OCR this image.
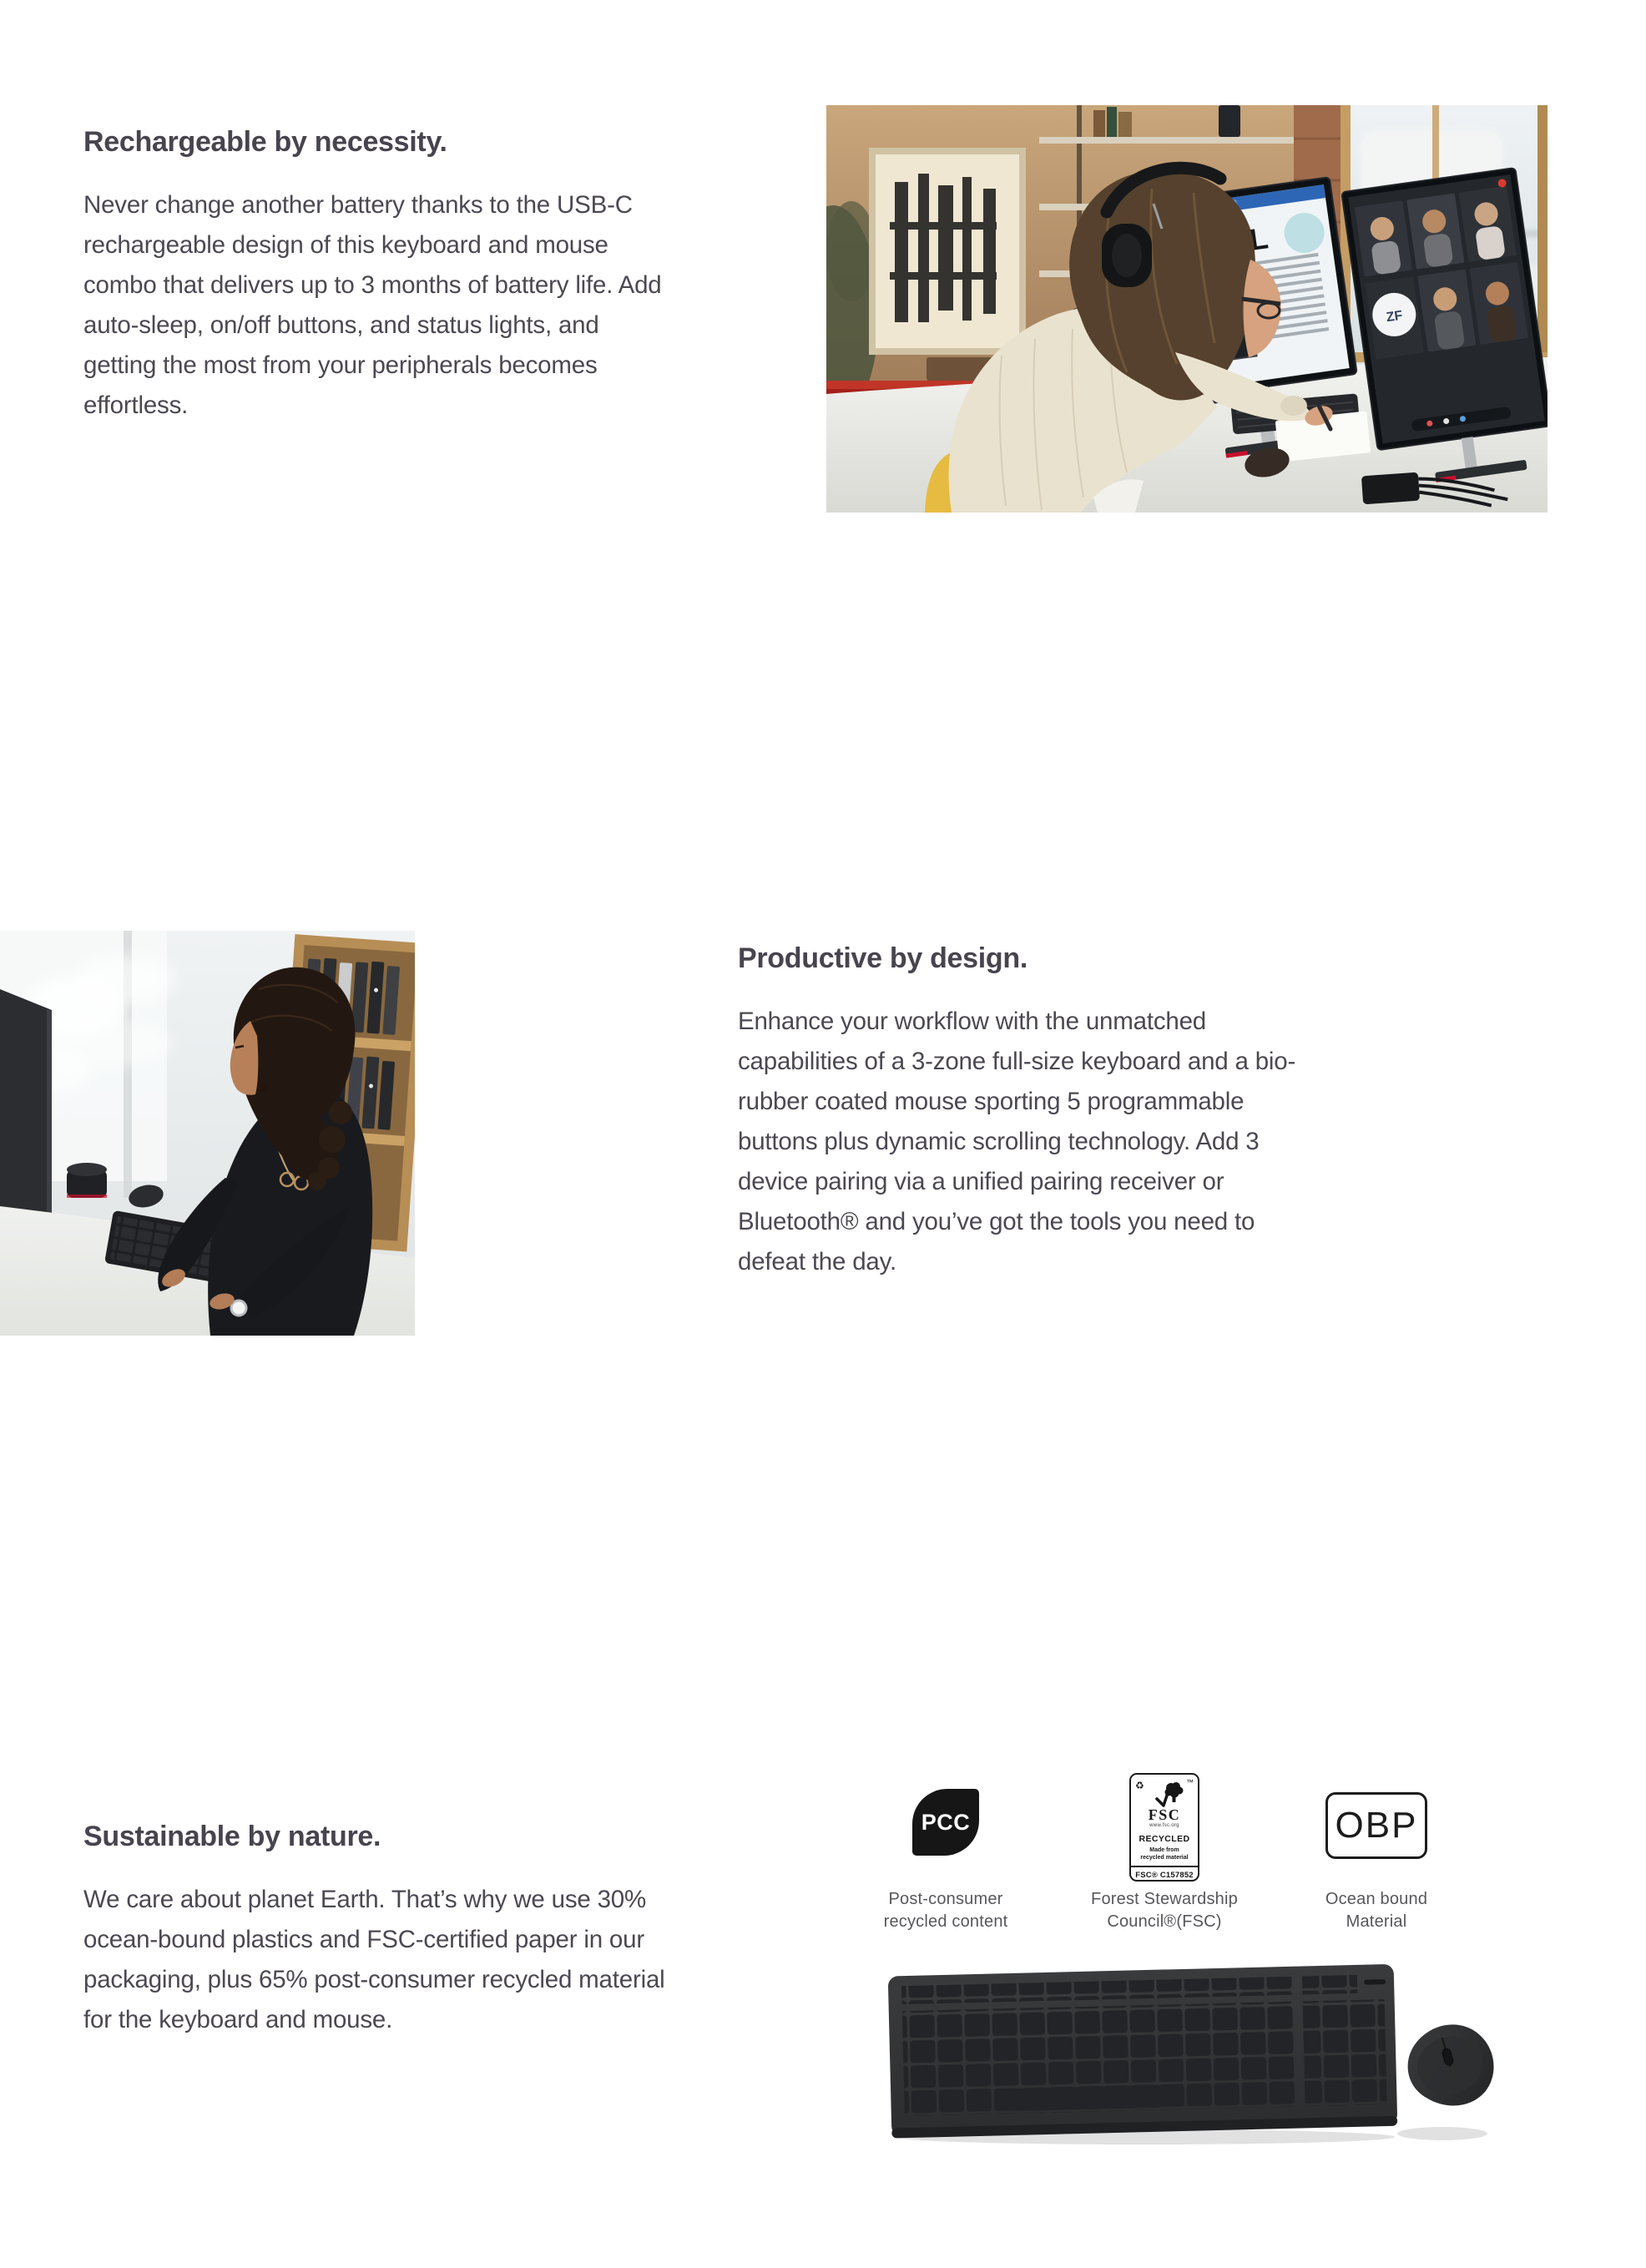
Rechargeable by necessity.
Never change another battery thanks to the USB-C
rechargeable design of this keyboard and mouse
combo that delivers up to 3 months of battery life. Add
auto-sleep, on/off buttons, and status lights, and
getting the most from your peripherals becomes
effortless.
ZF
Productive by design.
Enhance your workflow with the unmatched
capabilities of a 3-zone full-size keyboard and a bio-
rubber coated mouse sporting 5 programmable
buttons plus dynamic scrolling technology. Add 3
device pairing via a unified pairing receiver or
Bluetooth® and you’ve got the tools you need to
defeat the day.
Sustainable by nature.
We care about planet Earth. That’s why we use 30%
ocean-bound plastics and FSC-certified paper in our
packaging, plus 65% post-consumer recycled material
for the keyboard and mouse.
PCC
Post-consumer
recycled content
♻	™
FSC
www.fsc.org
RECYCLED
Made from
recycled material
FSC® C157852
Forest Stewardship
Council®(FSC)
OBP
Ocean bound
Material
